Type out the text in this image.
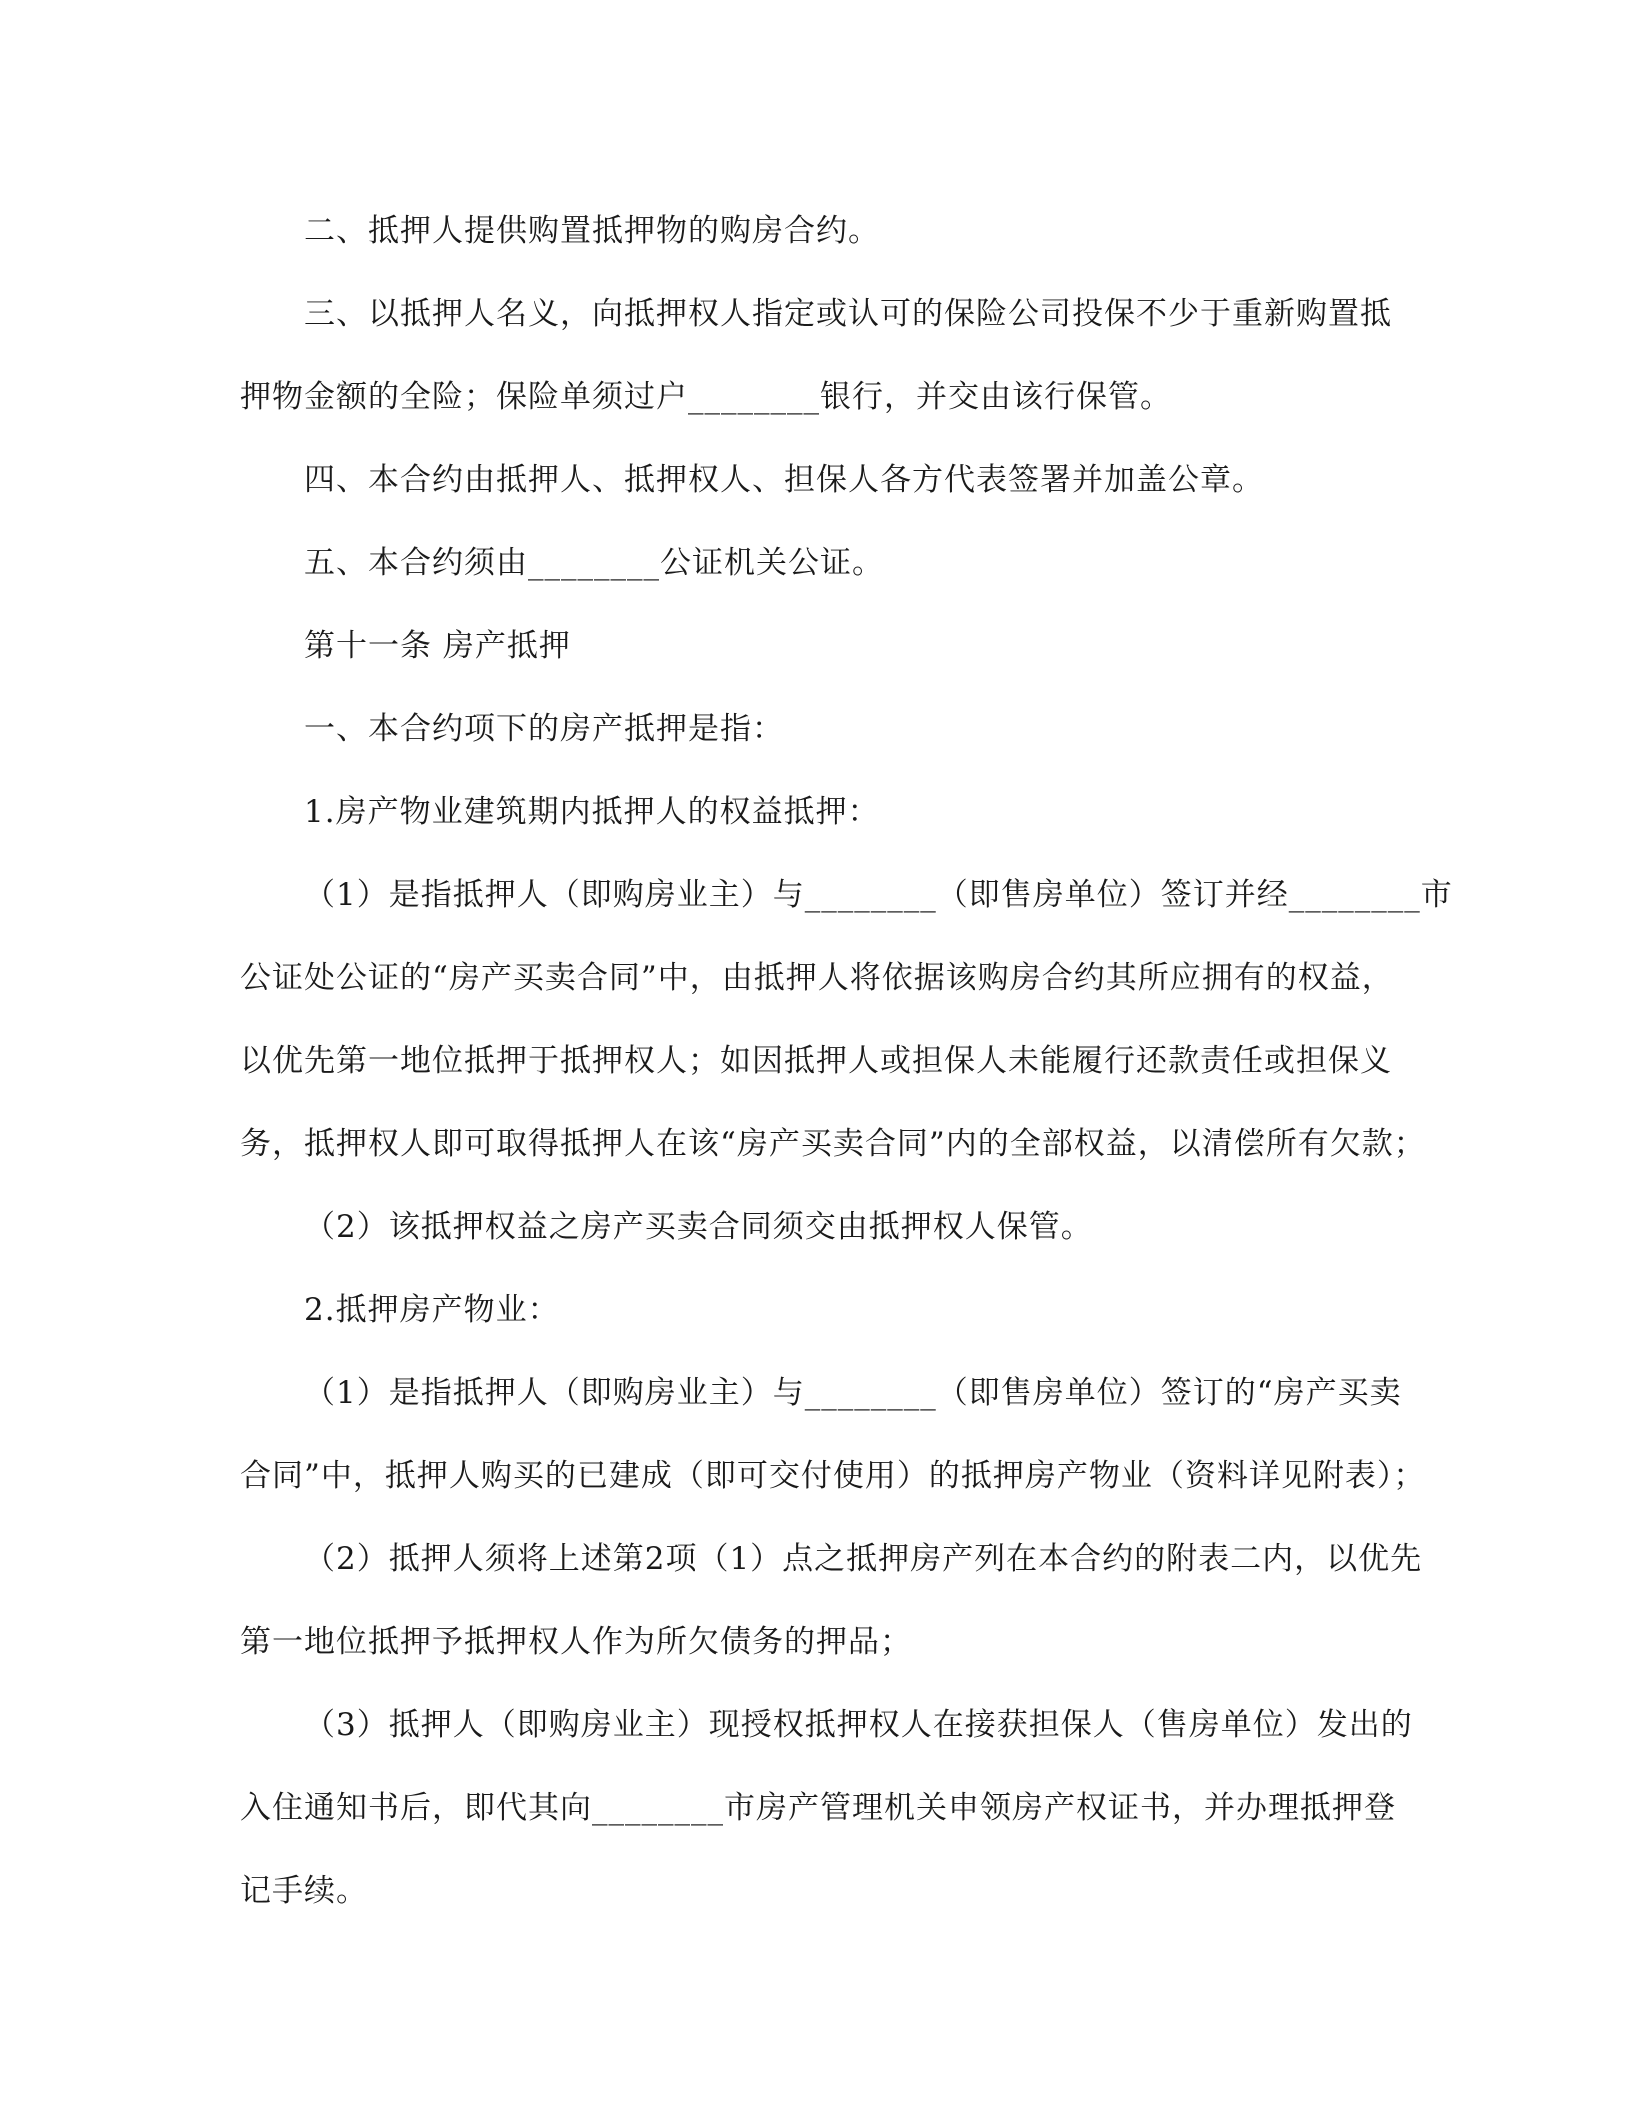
二、抵押人提供购置抵押物的购房合约。

三、以抵押人名义，向抵押权人指定或认可的保险公司投保不少于重新购置抵

押物金额的全险；保险单须过户________银行，并交由该行保管。

四、本合约由抵押人、抵押权人、担保人各方代表签署并加盖公章。

五、本合约须由________公证机关公证。

第十一条 房产抵押

一、本合约项下的房产抵押是指：

1.房产物业建筑期内抵押人的权益抵押：

（1）是指抵押人（即购房业主）与________（即售房单位）签订并经________市

公证处公证的“房产买卖合同”中，由抵押人将依据该购房合约其所应拥有的权益，

以优先第一地位抵押于抵押权人；如因抵押人或担保人未能履行还款责任或担保义

务，抵押权人即可取得抵押人在该“房产买卖合同”内的全部权益，以清偿所有欠款；

（2）该抵押权益之房产买卖合同须交由抵押权人保管。

2.抵押房产物业：

（1）是指抵押人（即购房业主）与________（即售房单位）签订的“房产买卖

合同”中，抵押人购买的已建成（即可交付使用）的抵押房产物业（资料详见附表）；

（2）抵押人须将上述第2项（1）点之抵押房产列在本合约的附表二内，以优先

第一地位抵押予抵押权人作为所欠债务的押品；

（3）抵押人（即购房业主）现授权抵押权人在接获担保人（售房单位）发出的

入住通知书后，即代其向________市房产管理机关申领房产权证书，并办理抵押登

记手续。
